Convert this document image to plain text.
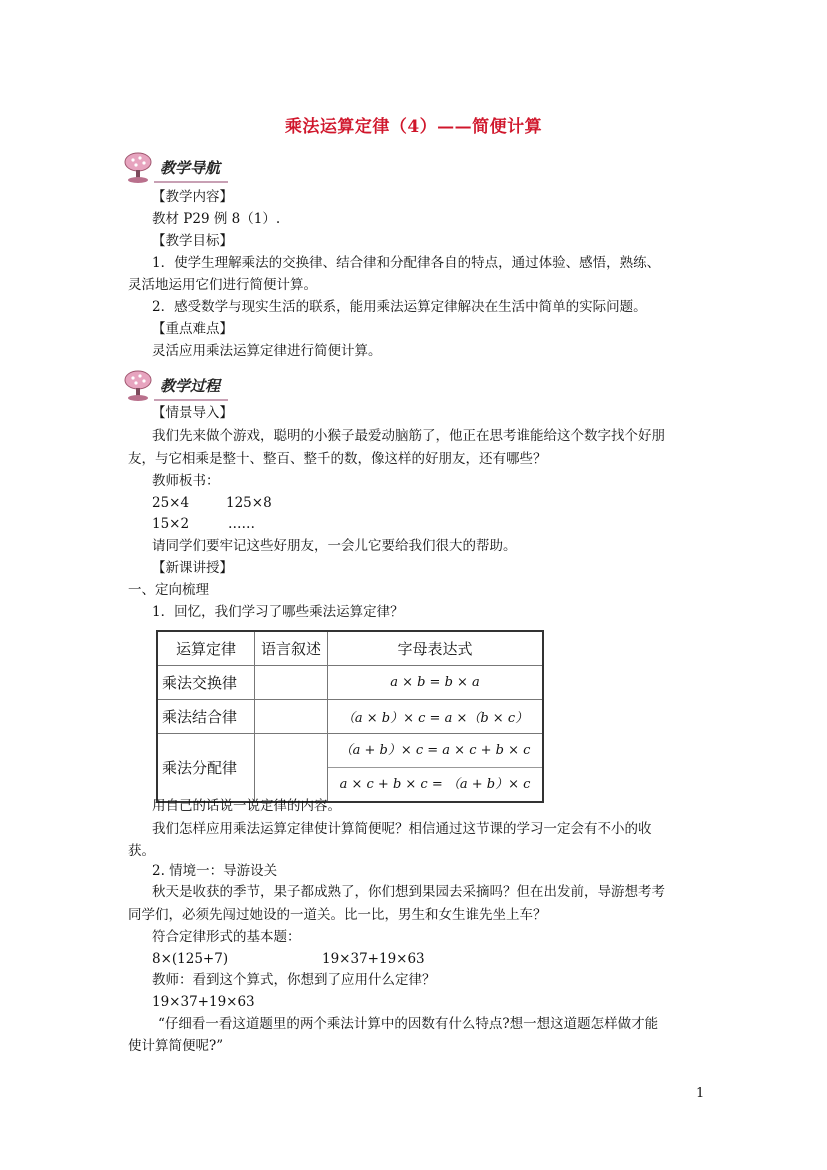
乘法运算定律（4）——简便计算
教学导航
【教学内容】
教材 P29 例 8（1）.
【教学目标】
1．使学生理解乘法的交换律、结合律和分配律各自的特点，通过体验、感悟，熟练、
灵活地运用它们进行简便计算。
2．感受数学与现实生活的联系，能用乘法运算定律解决在生活中简单的实际问题。
【重点难点】
灵活应用乘法运算定律进行简便计算。
教学过程
【情景导入】
我们先来做个游戏，聪明的小猴子最爱动脑筋了，他正在思考谁能给这个数字找个好朋
友，与它相乘是整十、整百、整千的数，像这样的好朋友，还有哪些？
教师板书：
25×4	125×8
15×2	……
请同学们要牢记这些好朋友，一会儿它要给我们很大的帮助。
【新课讲授】
一、定向梳理
1．回忆，我们学习了哪些乘法运算定律？
运算定律	语言叙述	字母表达式
乘法交换律		a × b = b × a
乘法结合律		（a × b）× c = a ×（b × c）
乘法分配律		（a + b）× c = a × c + b × c
a × c + b × c = （a + b）× c
用自己的话说一说定律的内容。
我们怎样应用乘法运算定律使计算简便呢？相信通过这节课的学习一定会有不小的收
获。
2. 情境一：导游设关
秋天是收获的季节，果子都成熟了，你们想到果园去采摘吗？但在出发前，导游想考考
同学们，必须先闯过她设的一道关。比一比，男生和女生谁先坐上车？
符合定律形式的基本题：
8×(125+7)	19×37+19×63
教师：看到这个算式，你想到了应用什么定律？
19×37+19×63
“仔细看一看这道题里的两个乘法计算中的因数有什么特点?想一想这道题怎样做才能
使计算简便呢?”
1
